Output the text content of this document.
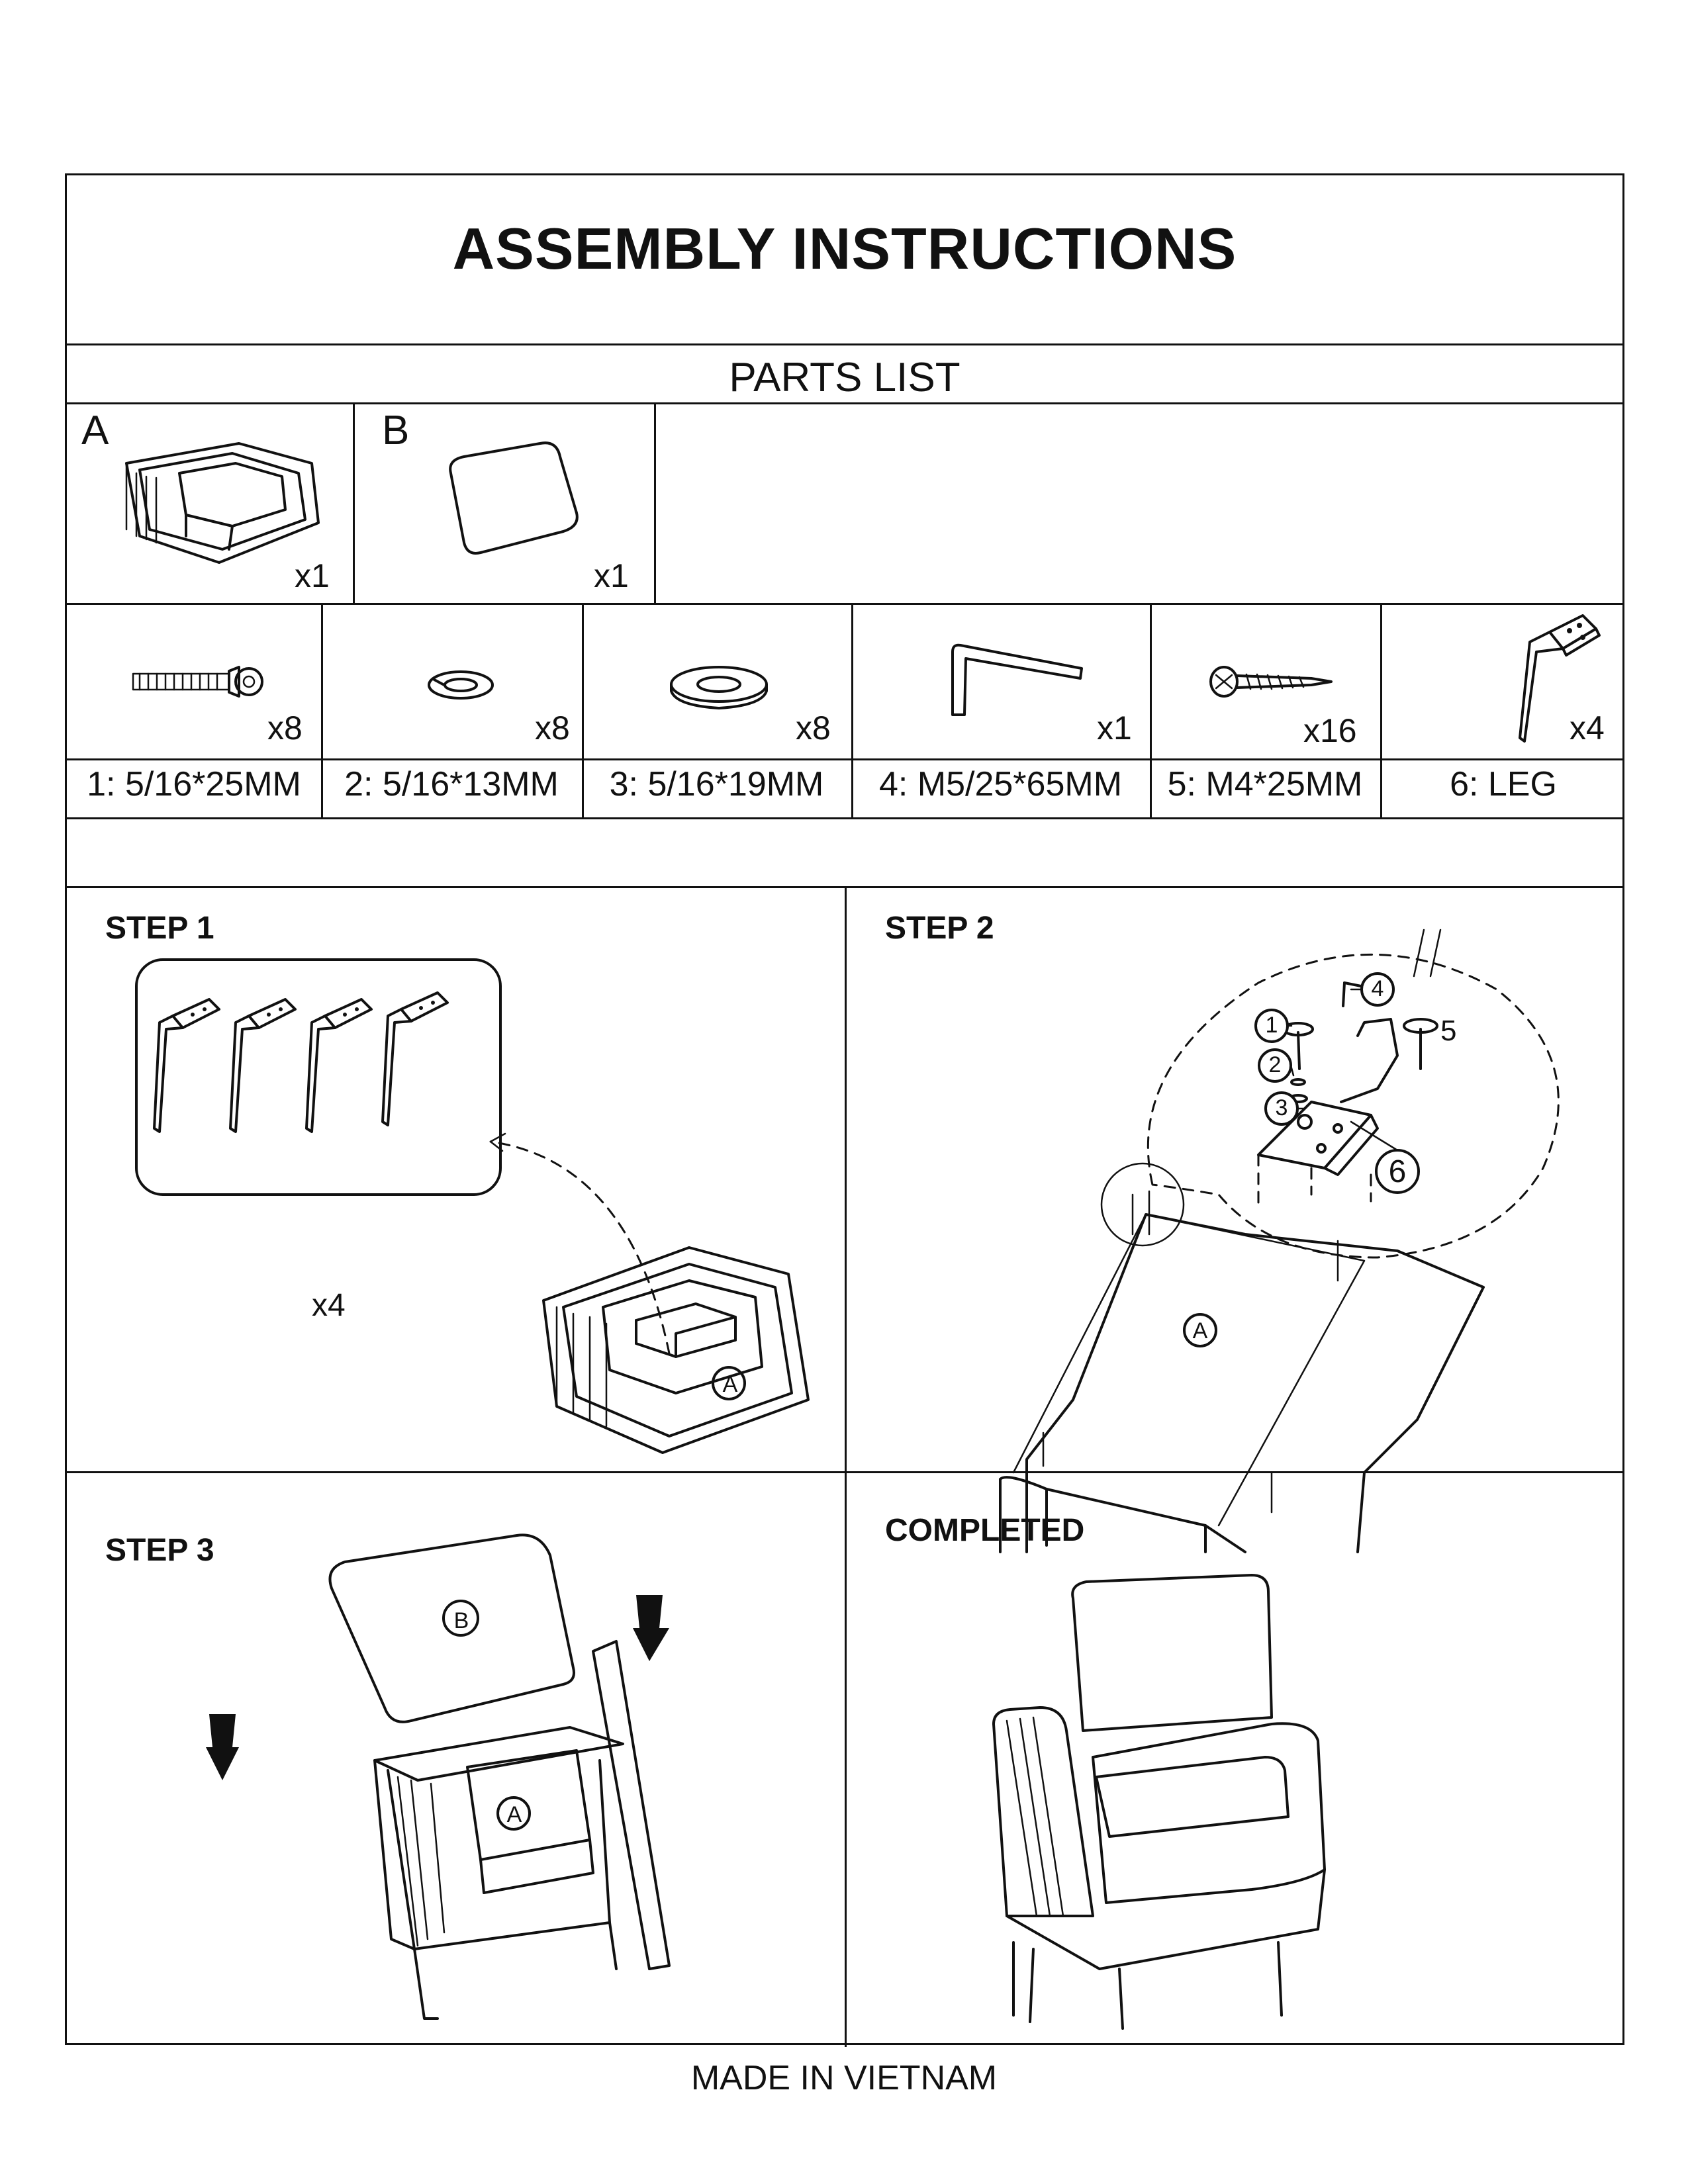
ASSEMBLY INSTRUCTIONS
PARTS LIST
A
x1
B
x1
x8	x8	x8	x1	x16	x4
1: 5/16*25MM	2: 5/16*13MM	3: 5/16*19MM	4: M5/25*65MM	5: M4*25MM	6: LEG
STEP 1	STEP 2
STEP 3
COMPLETED
x4
A
1
2
3
4
5
6
A
B
A
MADE IN VIETNAM
